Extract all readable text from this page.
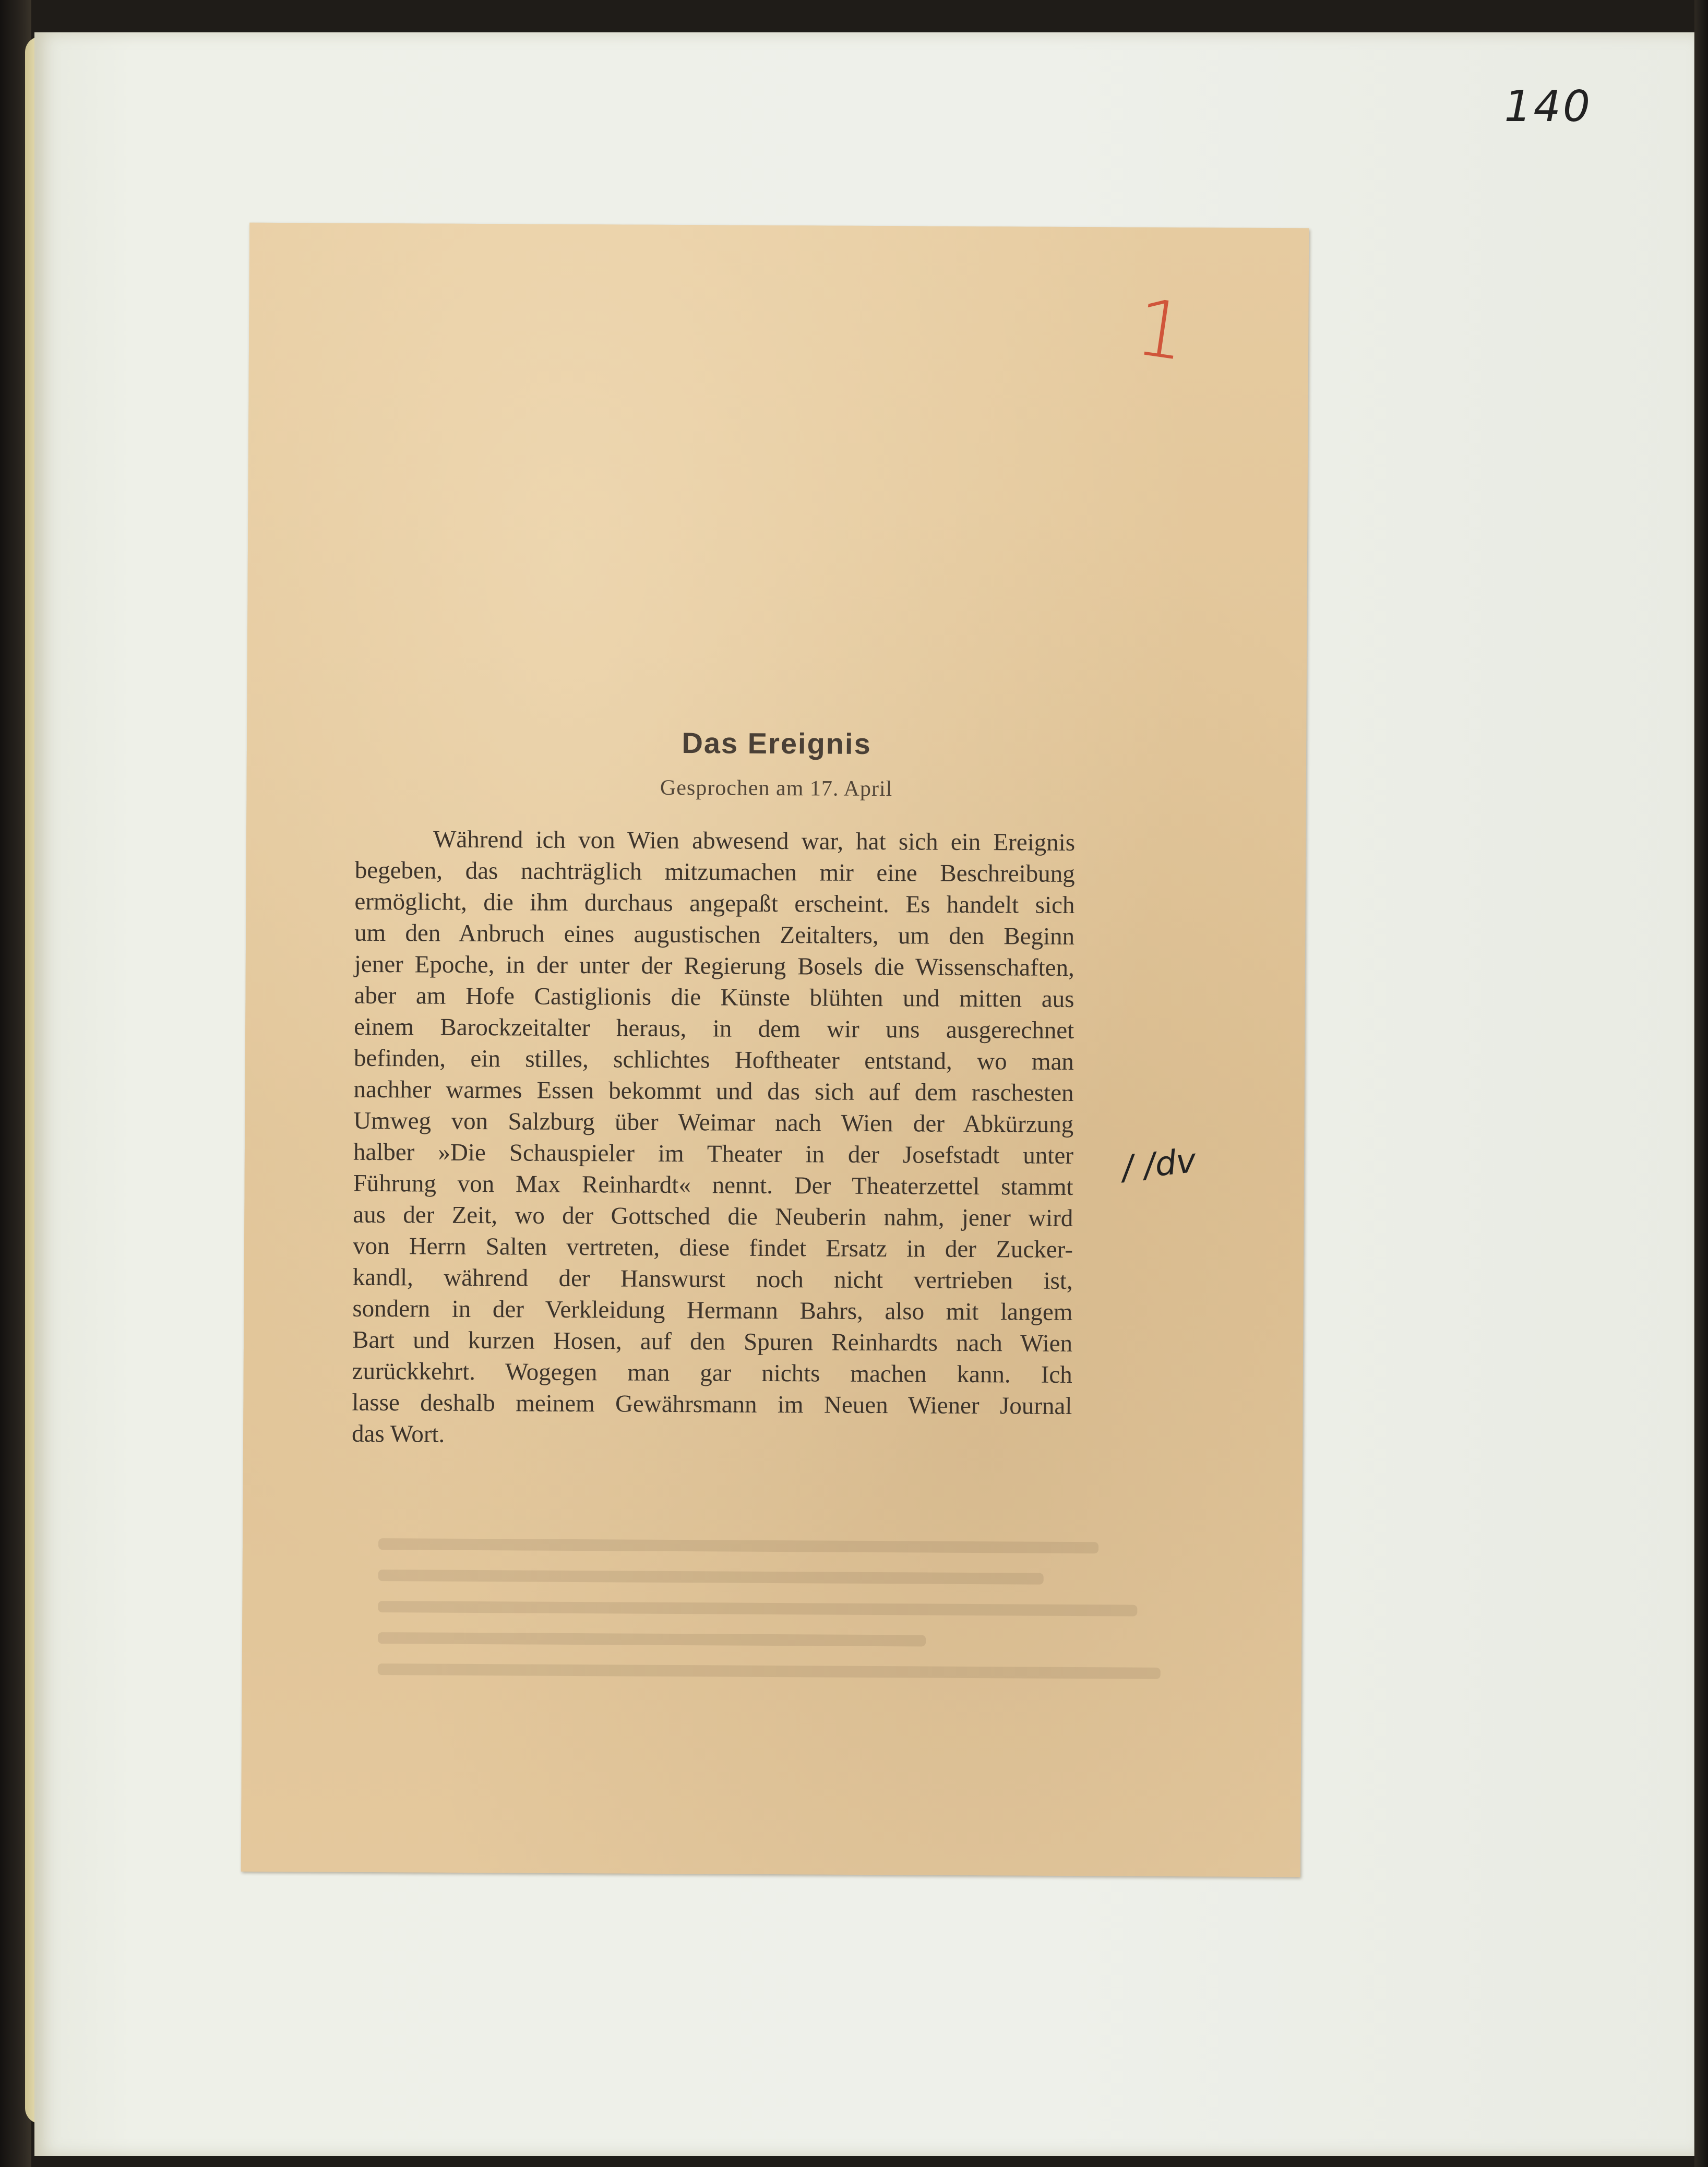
140
1
Das Ereignis
Gesprochen am 17. April
Während ich von Wien abwesend war, hat sich ein Ereignis
begeben, das nachträglich mitzumachen mir eine Beschreibung
ermöglicht, die ihm durchaus angepaßt erscheint. Es handelt sich
um den Anbruch eines augustischen Zeitalters, um den Beginn
jener Epoche, in der unter der Regierung Bosels die Wissenschaften,
aber am Hofe Castiglionis die Künste blühten und mitten aus
einem Barockzeitalter heraus, in dem wir uns ausgerechnet
befinden, ein stilles, schlichtes Hoftheater entstand, wo man
nachher warmes Essen bekommt und das sich auf dem raschesten
Umweg von Salzburg über Weimar nach Wien der Abkürzung
halber »Die Schauspieler im Theater in der Josefstadt unter
Führung von Max Reinhardt« nennt. Der Theaterzettel stammt
aus der Zeit, wo der Gottsched die Neuberin nahm, jener wird
von Herrn Salten vertreten, diese findet Ersatz in der Zucker-
kandl, während der Hanswurst noch nicht vertrieben ist,
sondern in der Verkleidung Hermann Bahrs, also mit langem
Bart und kurzen Hosen, auf den Spuren Reinhardts nach Wien
zurückkehrt. Wogegen man gar nichts machen kann. Ich
lasse deshalb meinem Gewährsmann im Neuen Wiener Journal
das Wort.
/ /dv
